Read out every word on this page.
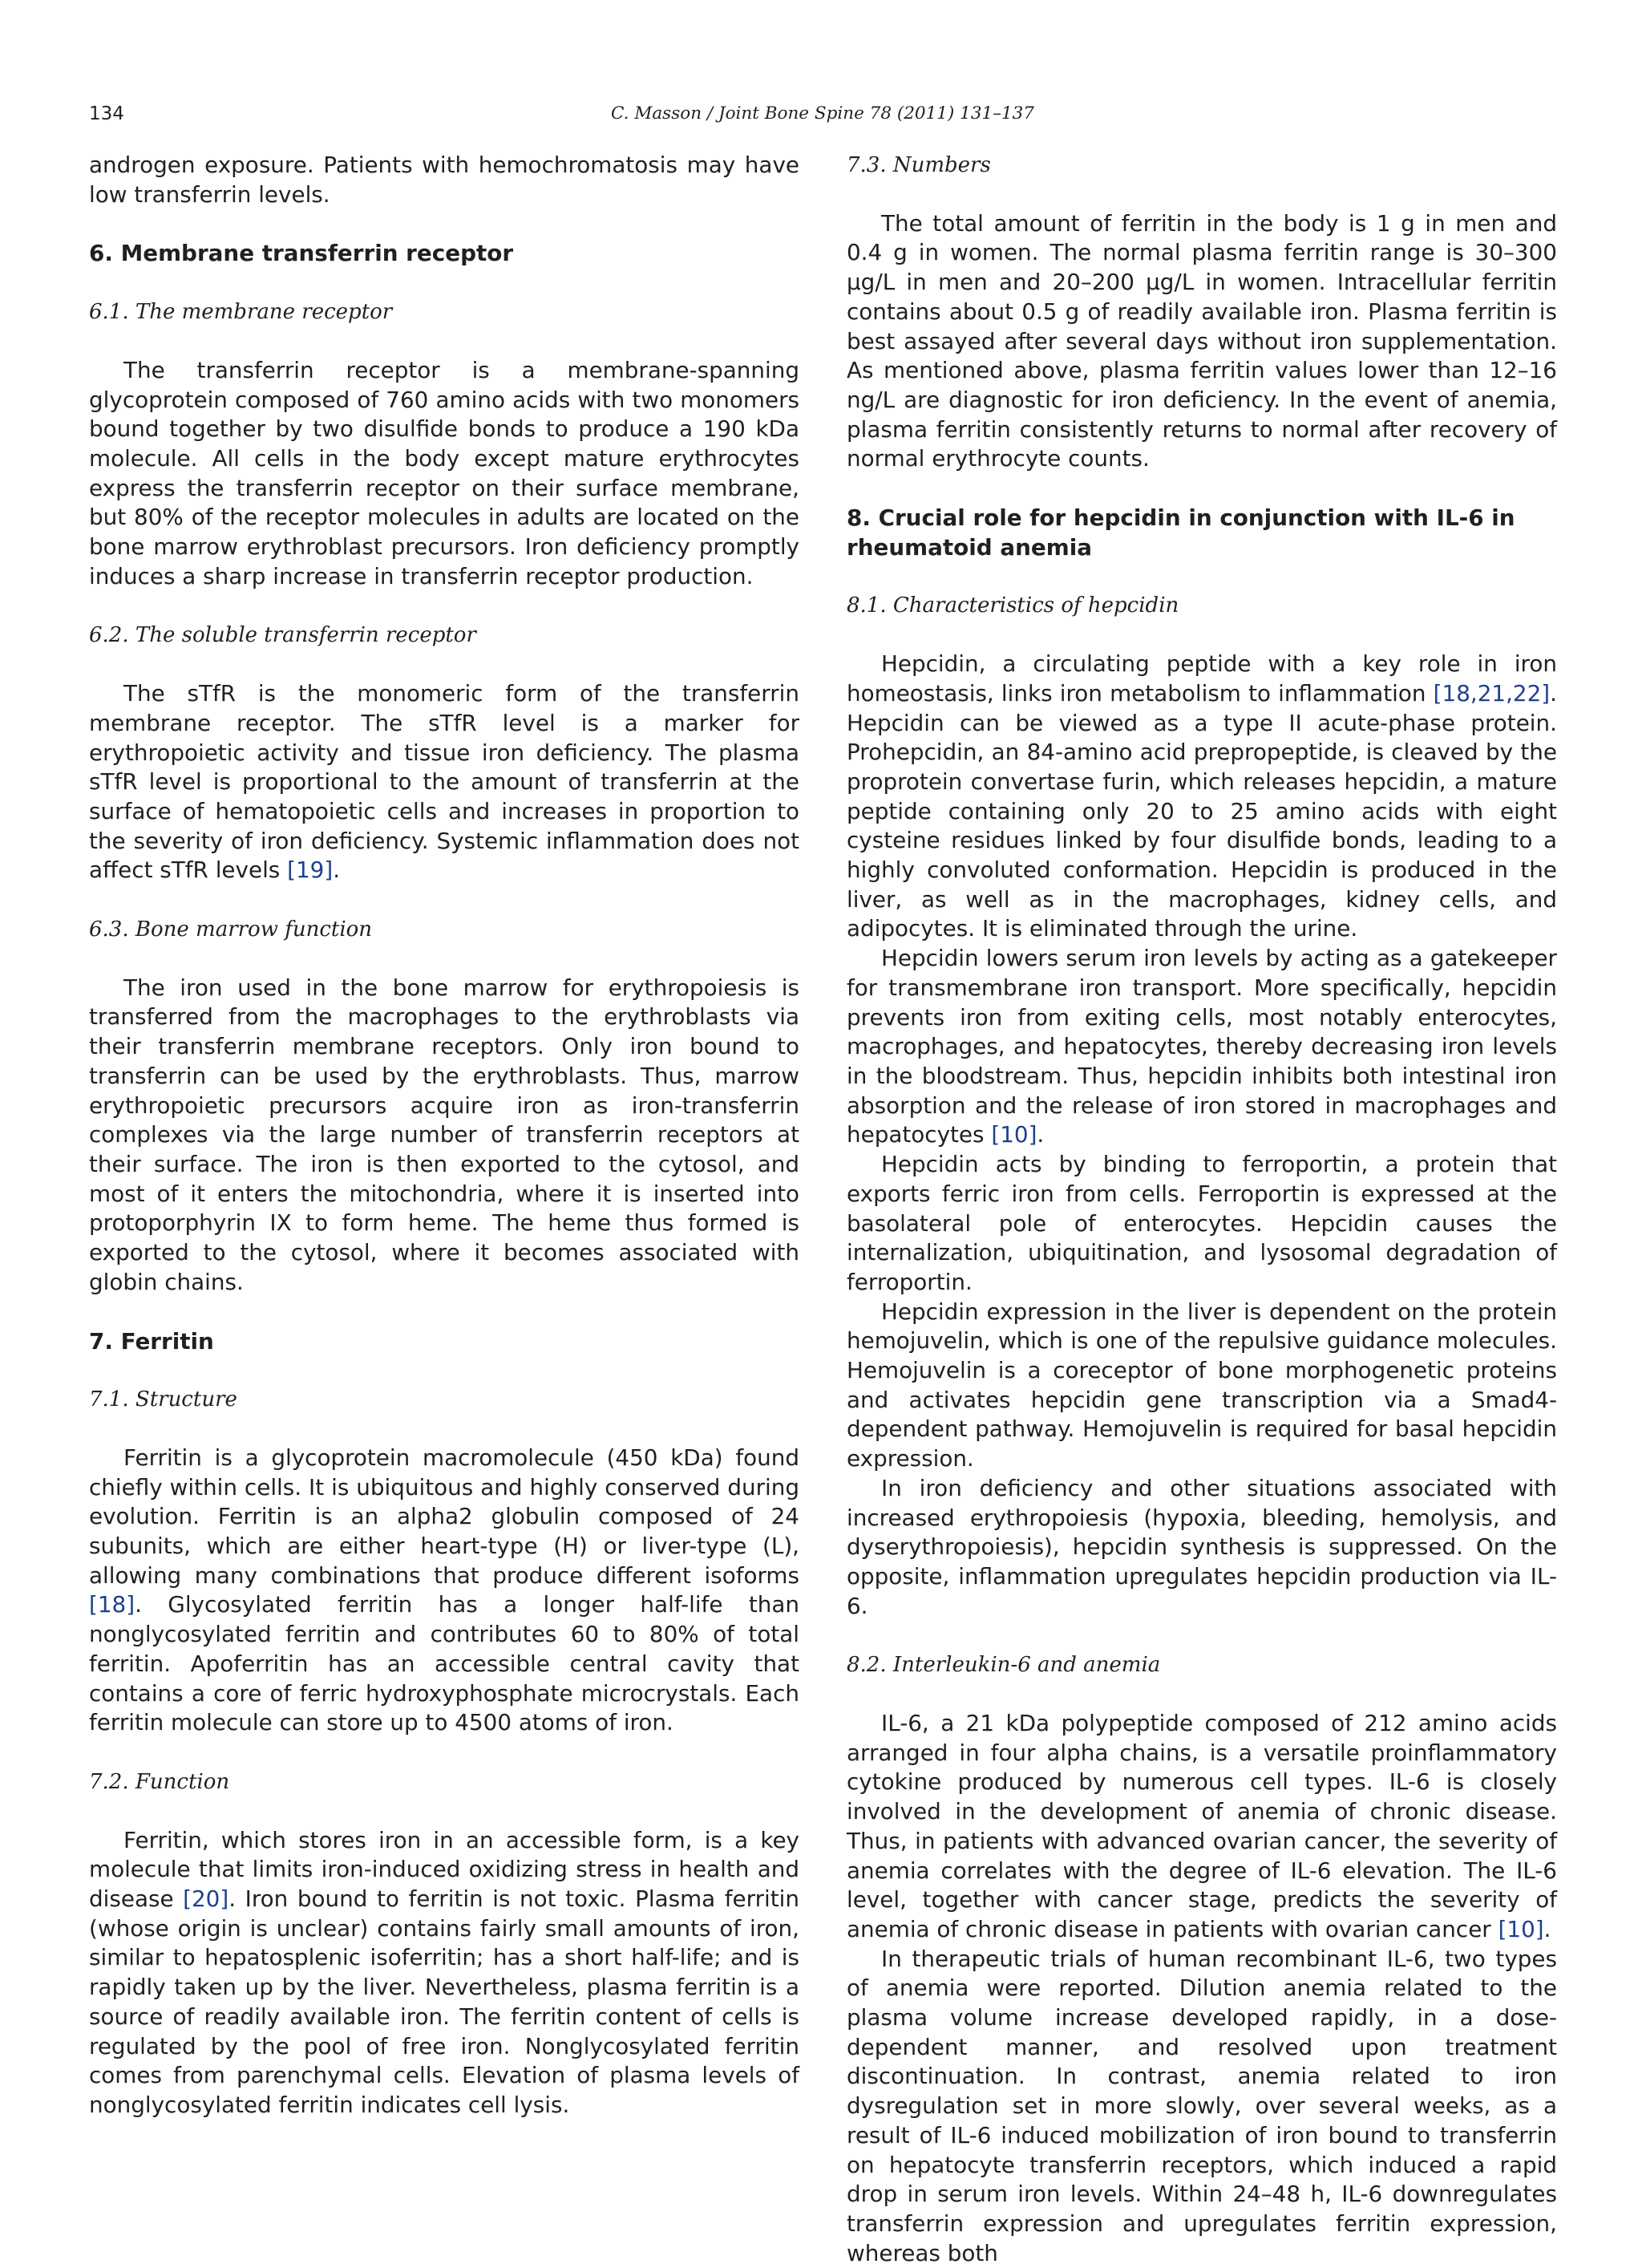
134	C. Masson / Joint Bone Spine 78 (2011) 131–137

androgen exposure. Patients with hemochromatosis may have low transferrin levels.

6. Membrane transferrin receptor
6.1. The membrane receptor

The transferrin receptor is a membrane-spanning glycoprotein composed of 760 amino acids with two monomers bound together by two disulfide bonds to produce a 190 kDa molecule. All cells in the body except mature erythrocytes express the transferrin receptor on their surface membrane, but 80% of the receptor molecules in adults are located on the bone marrow erythroblast precursors. Iron deficiency promptly induces a sharp increase in transferrin receptor production.

6.2. The soluble transferrin receptor

The sTfR is the monomeric form of the transferrin membrane receptor. The sTfR level is a marker for erythropoietic activity and tissue iron deficiency. The plasma sTfR level is proportional to the amount of transferrin at the surface of hematopoietic cells and increases in proportion to the severity of iron deficiency. Systemic inflammation does not affect sTfR levels [19].

6.3. Bone marrow function

The iron used in the bone marrow for erythropoiesis is transferred from the macrophages to the erythroblasts via their transferrin membrane receptors. Only iron bound to transferrin can be used by the erythroblasts. Thus, marrow erythropoietic precursors acquire iron as iron-transferrin complexes via the large number of transferrin receptors at their surface. The iron is then exported to the cytosol, and most of it enters the mitochondria, where it is inserted into protoporphyrin IX to form heme. The heme thus formed is exported to the cytosol, where it becomes associated with globin chains.

7. Ferritin
7.1. Structure

Ferritin is a glycoprotein macromolecule (450 kDa) found chiefly within cells. It is ubiquitous and highly conserved during evolution. Ferritin is an alpha2 globulin composed of 24 subunits, which are either heart-type (H) or liver-type (L), allowing many combinations that produce different isoforms [18]. Glycosylated ferritin has a longer half-life than nonglycosylated ferritin and contributes 60 to 80% of total ferritin. Apoferritin has an accessible central cavity that contains a core of ferric hydroxyphosphate microcrystals. Each ferritin molecule can store up to 4500 atoms of iron.

7.2. Function

Ferritin, which stores iron in an accessible form, is a key molecule that limits iron-induced oxidizing stress in health and disease [20]. Iron bound to ferritin is not toxic. Plasma ferritin (whose origin is unclear) contains fairly small amounts of iron, similar to hepatosplenic isoferritin; has a short half-life; and is rapidly taken up by the liver. Nevertheless, plasma ferritin is a source of readily available iron. The ferritin content of cells is regulated by the pool of free iron. Nonglycosylated ferritin comes from parenchymal cells. Elevation of plasma levels of nonglycosylated ferritin indicates cell lysis.

7.3. Numbers

The total amount of ferritin in the body is 1 g in men and 0.4 g in women. The normal plasma ferritin range is 30–300 µg/L in men and 20–200 µg/L in women. Intracellular ferritin contains about 0.5 g of readily available iron. Plasma ferritin is best assayed after several days without iron supplementation. As mentioned above, plasma ferritin values lower than 12–16 ng/L are diagnostic for iron deficiency. In the event of anemia, plasma ferritin consistently returns to normal after recovery of normal erythrocyte counts.

8. Crucial role for hepcidin in conjunction with IL-6 in rheumatoid anemia
8.1. Characteristics of hepcidin

Hepcidin, a circulating peptide with a key role in iron homeostasis, links iron metabolism to inflammation [18,21,22]. Hepcidin can be viewed as a type II acute-phase protein. Prohepcidin, an 84-amino acid prepropeptide, is cleaved by the proprotein convertase furin, which releases hepcidin, a mature peptide containing only 20 to 25 amino acids with eight cysteine residues linked by four disulfide bonds, leading to a highly convoluted conformation. Hepcidin is produced in the liver, as well as in the macrophages, kidney cells, and adipocytes. It is eliminated through the urine.

Hepcidin lowers serum iron levels by acting as a gatekeeper for transmembrane iron transport. More specifically, hepcidin prevents iron from exiting cells, most notably enterocytes, macrophages, and hepatocytes, thereby decreasing iron levels in the bloodstream. Thus, hepcidin inhibits both intestinal iron absorption and the release of iron stored in macrophages and hepatocytes [10].

Hepcidin acts by binding to ferroportin, a protein that exports ferric iron from cells. Ferroportin is expressed at the basolateral pole of enterocytes. Hepcidin causes the internalization, ubiquitination, and lysosomal degradation of ferroportin.

Hepcidin expression in the liver is dependent on the protein hemojuvelin, which is one of the repulsive guidance molecules. Hemojuvelin is a coreceptor of bone morphogenetic proteins and activates hepcidin gene transcription via a Smad4-dependent pathway. Hemojuvelin is required for basal hepcidin expression.

In iron deficiency and other situations associated with increased erythropoiesis (hypoxia, bleeding, hemolysis, and dyserythropoiesis), hepcidin synthesis is suppressed. On the opposite, inflammation upregulates hepcidin production via IL-6.

8.2. Interleukin-6 and anemia

IL-6, a 21 kDa polypeptide composed of 212 amino acids arranged in four alpha chains, is a versatile proinflammatory cytokine produced by numerous cell types. IL-6 is closely involved in the development of anemia of chronic disease. Thus, in patients with advanced ovarian cancer, the severity of anemia correlates with the degree of IL-6 elevation. The IL-6 level, together with cancer stage, predicts the severity of anemia of chronic disease in patients with ovarian cancer [10].

In therapeutic trials of human recombinant IL-6, two types of anemia were reported. Dilution anemia related to the plasma volume increase developed rapidly, in a dose-dependent manner, and resolved upon treatment discontinuation. In contrast, anemia related to iron dysregulation set in more slowly, over several weeks, as a result of IL-6 induced mobilization of iron bound to transferrin on hepatocyte transferrin receptors, which induced a rapid drop in serum iron levels. Within 24–48 h, IL-6 downregulates transferrin expression and upregulates ferritin expression, whereas both
